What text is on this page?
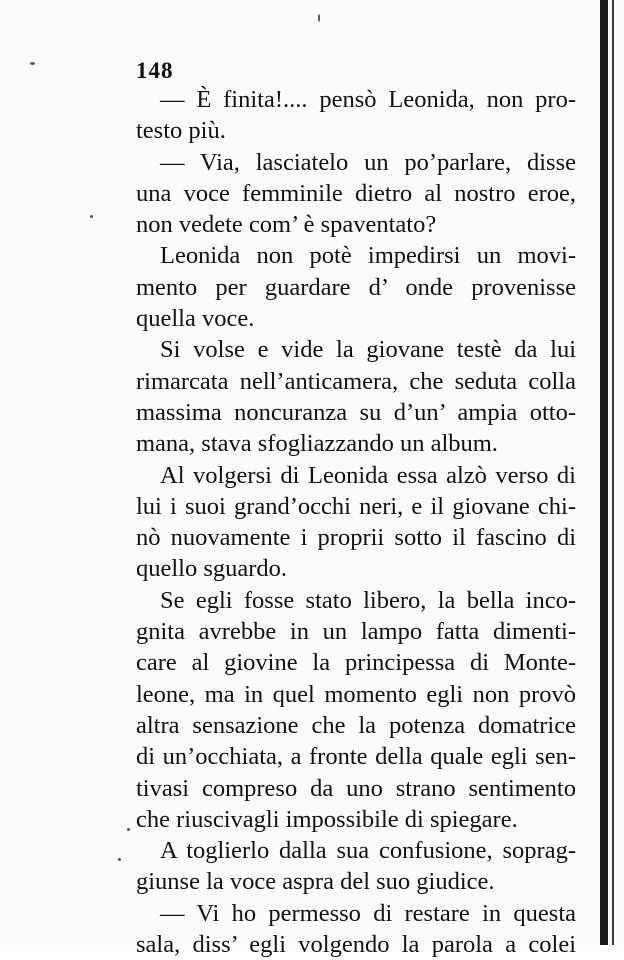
148
— È finita!.... pensò Leonida, non pro-
testo più.
— Via, lasciatelo un po’parlare, disse
una voce femminile dietro al nostro eroe,
non vedete com’ è spaventato?
Leonida non potè impedirsi un movi-
mento per guardare d’ onde provenisse
quella voce.
Si volse e vide la giovane testè da lui
rimarcata nell’anticamera, che seduta colla
massima noncuranza su d’un’ ampia otto-
mana, stava sfogliazzando un album.
Al volgersi di Leonida essa alzò verso di
lui i suoi grand’occhi neri, e il giovane chi-
nò nuovamente i proprii sotto il fascino di
quello sguardo.
Se egli fosse stato libero, la bella inco-
gnita avrebbe in un lampo fatta dimenti-
care al giovine la principessa di Monte-
leone, ma in quel momento egli non provò
altra sensazione che la potenza domatrice
di un’occhiata, a fronte della quale egli sen-
tivasi compreso da uno strano sentimento
che riuscivagli impossibile di spiegare.
A toglierlo dalla sua confusione, soprag-
giunse la voce aspra del suo giudice.
— Vi ho permesso di restare in questa
sala, diss’ egli volgendo la parola a colei
